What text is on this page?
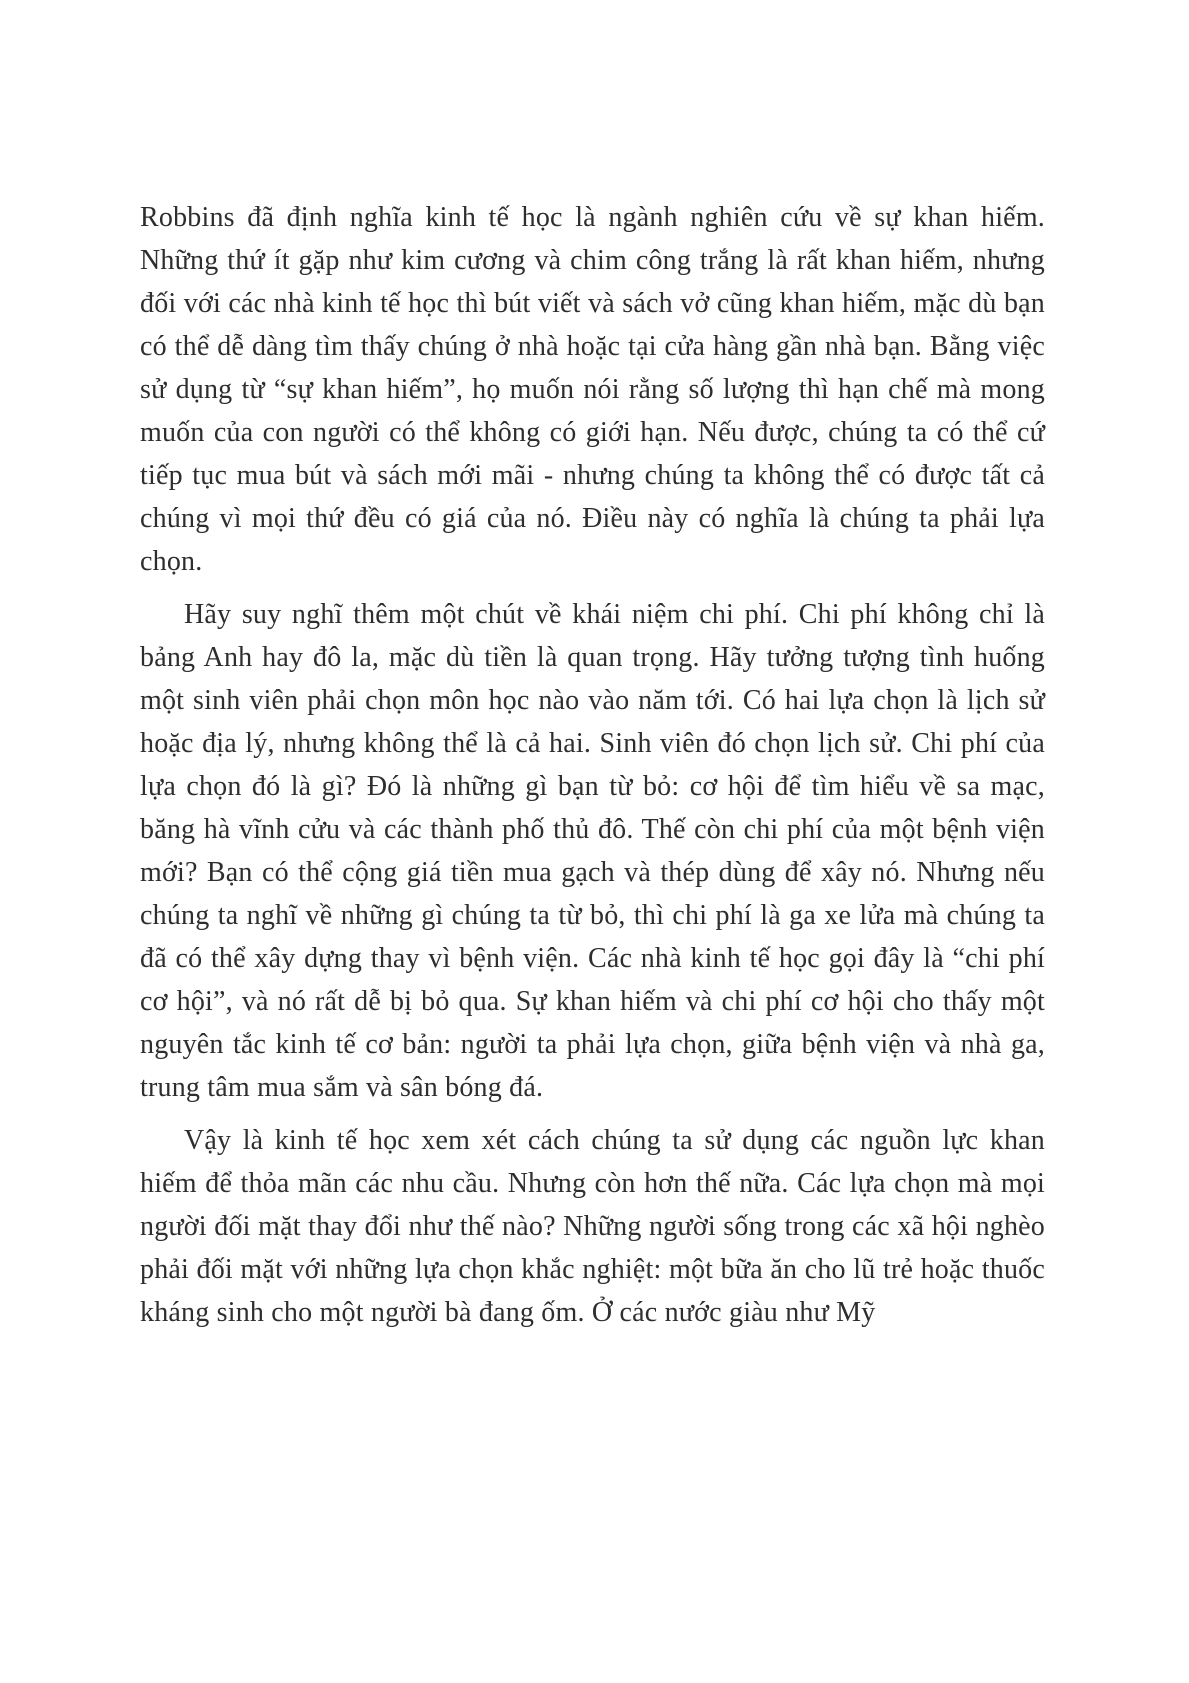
Robbins đã định nghĩa kinh tế học là ngành nghiên cứu về sự khan hiếm. Những thứ ít gặp như kim cương và chim công trắng là rất khan hiếm, nhưng đối với các nhà kinh tế học thì bút viết và sách vở cũng khan hiếm, mặc dù bạn có thể dễ dàng tìm thấy chúng ở nhà hoặc tại cửa hàng gần nhà bạn. Bằng việc sử dụng từ “sự khan hiếm”, họ muốn nói rằng số lượng thì hạn chế mà mong muốn của con người có thể không có giới hạn. Nếu được, chúng ta có thể cứ tiếp tục mua bút và sách mới mãi - nhưng chúng ta không thể có được tất cả chúng vì mọi thứ đều có giá của nó. Điều này có nghĩa là chúng ta phải lựa chọn.

Hãy suy nghĩ thêm một chút về khái niệm chi phí. Chi phí không chỉ là bảng Anh hay đô la, mặc dù tiền là quan trọng. Hãy tưởng tượng tình huống một sinh viên phải chọn môn học nào vào năm tới. Có hai lựa chọn là lịch sử hoặc địa lý, nhưng không thể là cả hai. Sinh viên đó chọn lịch sử. Chi phí của lựa chọn đó là gì? Đó là những gì bạn từ bỏ: cơ hội để tìm hiểu về sa mạc, băng hà vĩnh cửu và các thành phố thủ đô. Thế còn chi phí của một bệnh viện mới? Bạn có thể cộng giá tiền mua gạch và thép dùng để xây nó. Nhưng nếu chúng ta nghĩ về những gì chúng ta từ bỏ, thì chi phí là ga xe lửa mà chúng ta đã có thể xây dựng thay vì bệnh viện. Các nhà kinh tế học gọi đây là “chi phí cơ hội”, và nó rất dễ bị bỏ qua. Sự khan hiếm và chi phí cơ hội cho thấy một nguyên tắc kinh tế cơ bản: người ta phải lựa chọn, giữa bệnh viện và nhà ga, trung tâm mua sắm và sân bóng đá.

Vậy là kinh tế học xem xét cách chúng ta sử dụng các nguồn lực khan hiếm để thỏa mãn các nhu cầu. Nhưng còn hơn thế nữa. Các lựa chọn mà mọi người đối mặt thay đổi như thế nào? Những người sống trong các xã hội nghèo phải đối mặt với những lựa chọn khắc nghiệt: một bữa ăn cho lũ trẻ hoặc thuốc kháng sinh cho một người bà đang ốm. Ở các nước giàu như Mỹ
